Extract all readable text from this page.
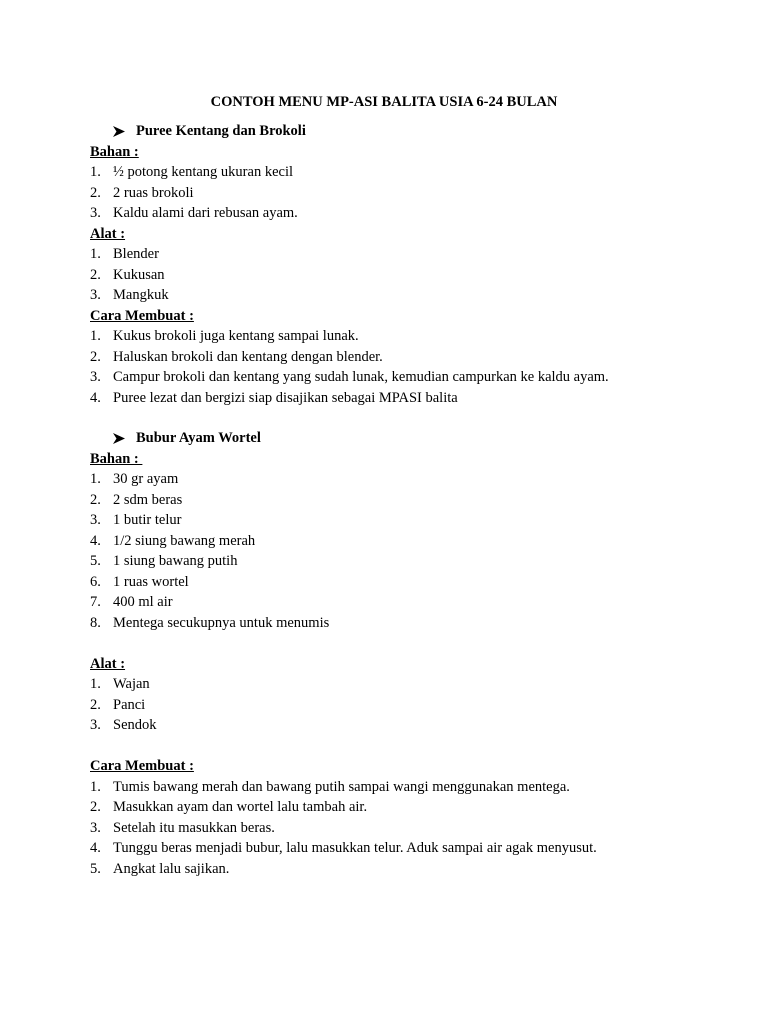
CONTOH MENU MP-ASI BALITA USIA 6-24 BULAN
Puree Kentang dan Brokoli
Bahan :
1. ½ potong kentang ukuran kecil
2. 2 ruas brokoli
3. Kaldu alami dari rebusan ayam.
Alat :
1. Blender
2. Kukusan
3. Mangkuk
Cara Membuat :
1. Kukus brokoli juga kentang sampai lunak.
2. Haluskan brokoli dan kentang dengan blender.
3. Campur brokoli dan kentang yang sudah lunak, kemudian campurkan ke kaldu ayam.
4. Puree lezat dan bergizi siap disajikan sebagai MPASI balita
Bubur Ayam Wortel
Bahan :
1. 30 gr ayam
2. 2 sdm beras
3. 1 butir telur
4. 1/2 siung bawang merah
5. 1 siung bawang putih
6. 1 ruas wortel
7. 400 ml air
8. Mentega secukupnya untuk menumis
Alat :
1. Wajan
2. Panci
3. Sendok
Cara Membuat :
1. Tumis bawang merah dan bawang putih sampai wangi menggunakan mentega.
2. Masukkan ayam dan wortel lalu tambah air.
3. Setelah itu masukkan beras.
4. Tunggu beras menjadi bubur, lalu masukkan telur. Aduk sampai air agak menyusut.
5. Angkat lalu sajikan.
